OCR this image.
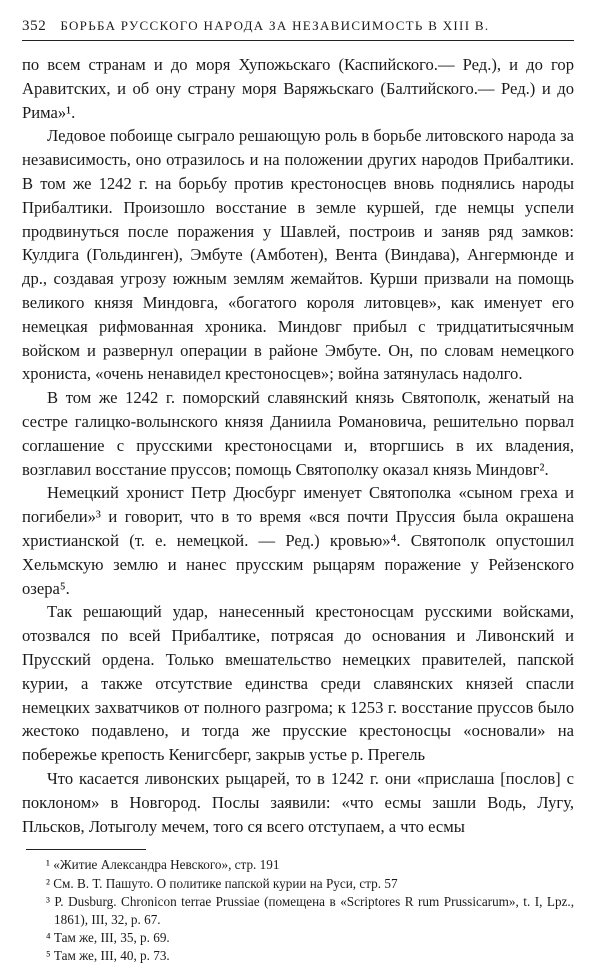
352 БОРЬБА РУССКОГО НАРОДА ЗА НЕЗАВИСИМОСТЬ В XIII В.

по всем странам и до моря Хупожьскаго (Каспийского.— Ред.), и до гор Аравитских, и об ону страну моря Варяжьскаго (Балтийского.— Ред.) и до Рима»¹.

Ледовое побоище сыграло решающую роль в борьбе литовского народа за независимость, оно отразилось и на положении других народов Прибалтики. В том же 1242 г. на борьбу против крестоносцев вновь поднялись народы Прибалтики. Произошло восстание в земле куршей, где немцы успели продвинуться после поражения у Шавлей, построив и заняв ряд замков: Кулдига (Гольдинген), Эмбуте (Амботен), Вента (Виндава), Ангермюнде и др., создавая угрозу южным землям жемайтов. Курши призвали на помощь великого князя Миндовга, «богатого короля литовцев», как именует его немецкая рифмованная хроника. Миндовг прибыл с тридцатитысячным войском и развернул операции в районе Эмбуте. Он, по словам немецкого хрониста, «очень ненавидел крестоносцев»; война затянулась надолго.

В том же 1242 г. поморский славянский князь Святополк, женатый на сестре галицко-волынского князя Даниила Романовича, решительно порвал соглашение с прусскими крестоносцами и, вторгшись в их владения, возглавил восстание пруссов; помощь Святополку оказал князь Миндовг².

Немецкий хронист Петр Дюсбург именует Святополка «сыном греха и погибели»³ и говорит, что в то время «вся почти Пруссия была окрашена христианской (т. е. немецкой. — Ред.) кровью»⁴. Святополк опустошил Хельмскую землю и нанес прусским рыцарям поражение у Рейзенского озера⁵.

Так решающий удар, нанесенный крестоносцам русскими войсками, отозвался по всей Прибалтике, потрясая до основания и Ливонский и Прусский ордена. Только вмешательство немецких правителей, папской курии, а также отсутствие единства среди славянских князей спасли немецких захватчиков от полного разгрома; к 1253 г. восстание пруссов было жестоко подавлено, и тогда же прусские крестоносцы «основали» на побережье крепость Кенигсберг, закрыв устье р. Прегель

Что касается ливонских рыцарей, то в 1242 г. они «прислаша [послов] с поклоном» в Новгород. Послы заявили: «что есмы зашли Водь, Лугу, Пльсков, Лотыголу мечем, того ся всего отступаем, а что есмы

¹ «Житие Александра Невского», стр. 191
² См. В. Т. Пашуто. О политике папской курии на Руси, стр. 57
³ P. Dusburg. Chronicon terrae Prussiae (помещена в «Scriptores R rum Prussicarum», t. I, Lpz., 1861), III, 32, p. 67.
⁴ Там же, III, 35, p. 69.
⁵ Там же, III, 40, p. 73.
